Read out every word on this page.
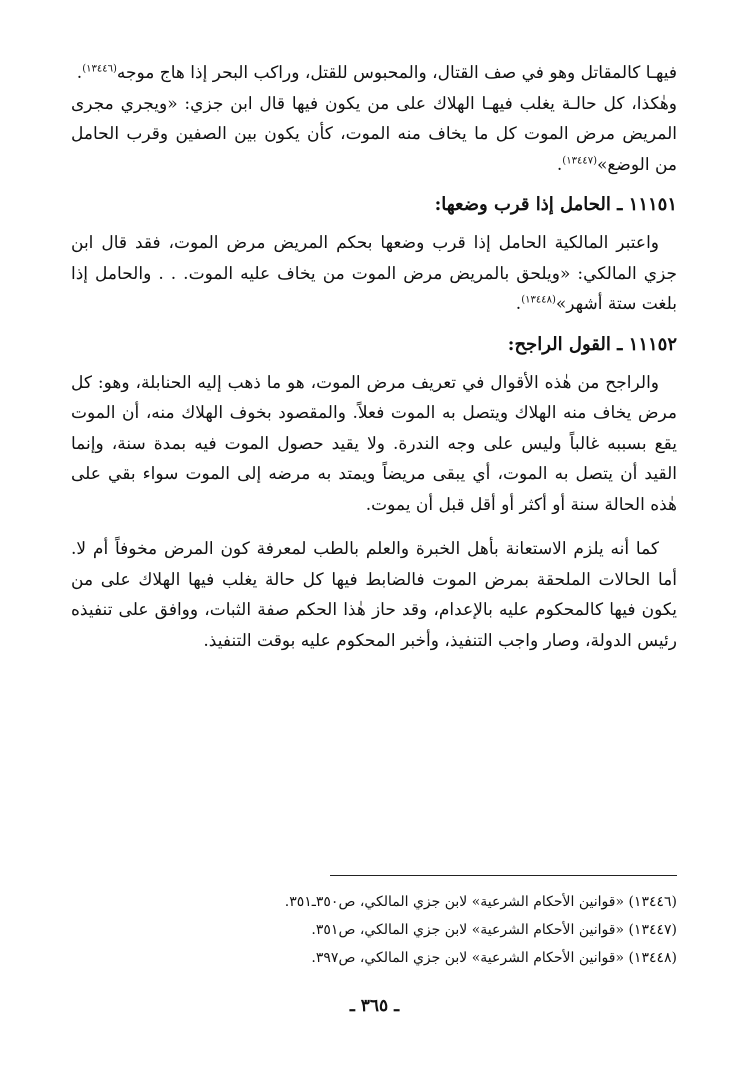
فيهـا كالمقاتل وهو في صف القتال، والمحبوس للقتل، وراكب البحر إذا هاج موجه$^{(١٣٤٤٦)}$.

وهٰكذا، كل حالـة يغلب فيهـا الهلاك على من يكون فيها قال ابن جزي: «ويجري مجرى المريض مرض الموت كل ما يخاف منه الموت، كأن يكون بين الصفين وقرب الحامل من الوضع»$^{(١٣٤٤٧)}$.

١١١٥١ ـ الحامل إذا قرب وضعها:

واعتبر المالكية الحامل إذا قرب وضعها بحكم المريض مرض الموت، فقد قال ابن جزي المالكي: «ويلحق بالمريض مرض الموت من يخاف عليه الموت. . . والحامل إذا بلغت ستة أشهر»$^{(١٣٤٤٨)}$.

١١١٥٢ ـ القول الراجح:

والراجح من هٰذه الأقوال في تعريف مرض الموت، هو ما ذهب إليه الحنابلة، وهو: كل مرض يخاف منه الهلاك ويتصل به الموت فعلاً. والمقصود بخوف الهلاك منه، أن الموت يقع بسببه غالباً وليس على وجه الندرة. ولا يقيد حصول الموت فيه بمدة سنة، وإنما القيد أن يتصل به الموت، أي يبقى مريضاً ويمتد به مرضه إلى الموت سواء بقي على هٰذه الحالة سنة أو أكثر أو أقل قبل أن يموت.

كما أنه يلزم الاستعانة بأهل الخبرة والعلم بالطب لمعرفة كون المرض مخوفاً أم لا. أما الحالات الملحقة بمرض الموت فالضابط فيها كل حالة يغلب فيها الهلاك على من يكون فيها كالمحكوم عليه بالإعدام، وقد حاز هٰذا الحكم صفة الثبات، ووافق على تنفيذه رئيس الدولة، وصار واجب التنفيذ، وأخبر المحكوم عليه بوقت التنفيذ.

(١٣٤٤٦) «قوانين الأحكام الشرعية» لابن جزي المالكي، ص٣٥٠ـ٣٥١.

(١٣٤٤٧) «قوانين الأحكام الشرعية» لابن جزي المالكي، ص٣٥١.

(١٣٤٤٨) «قوانين الأحكام الشرعية» لابن جزي المالكي، ص٣٩٧.

ـ ٣٦٥ ـ
